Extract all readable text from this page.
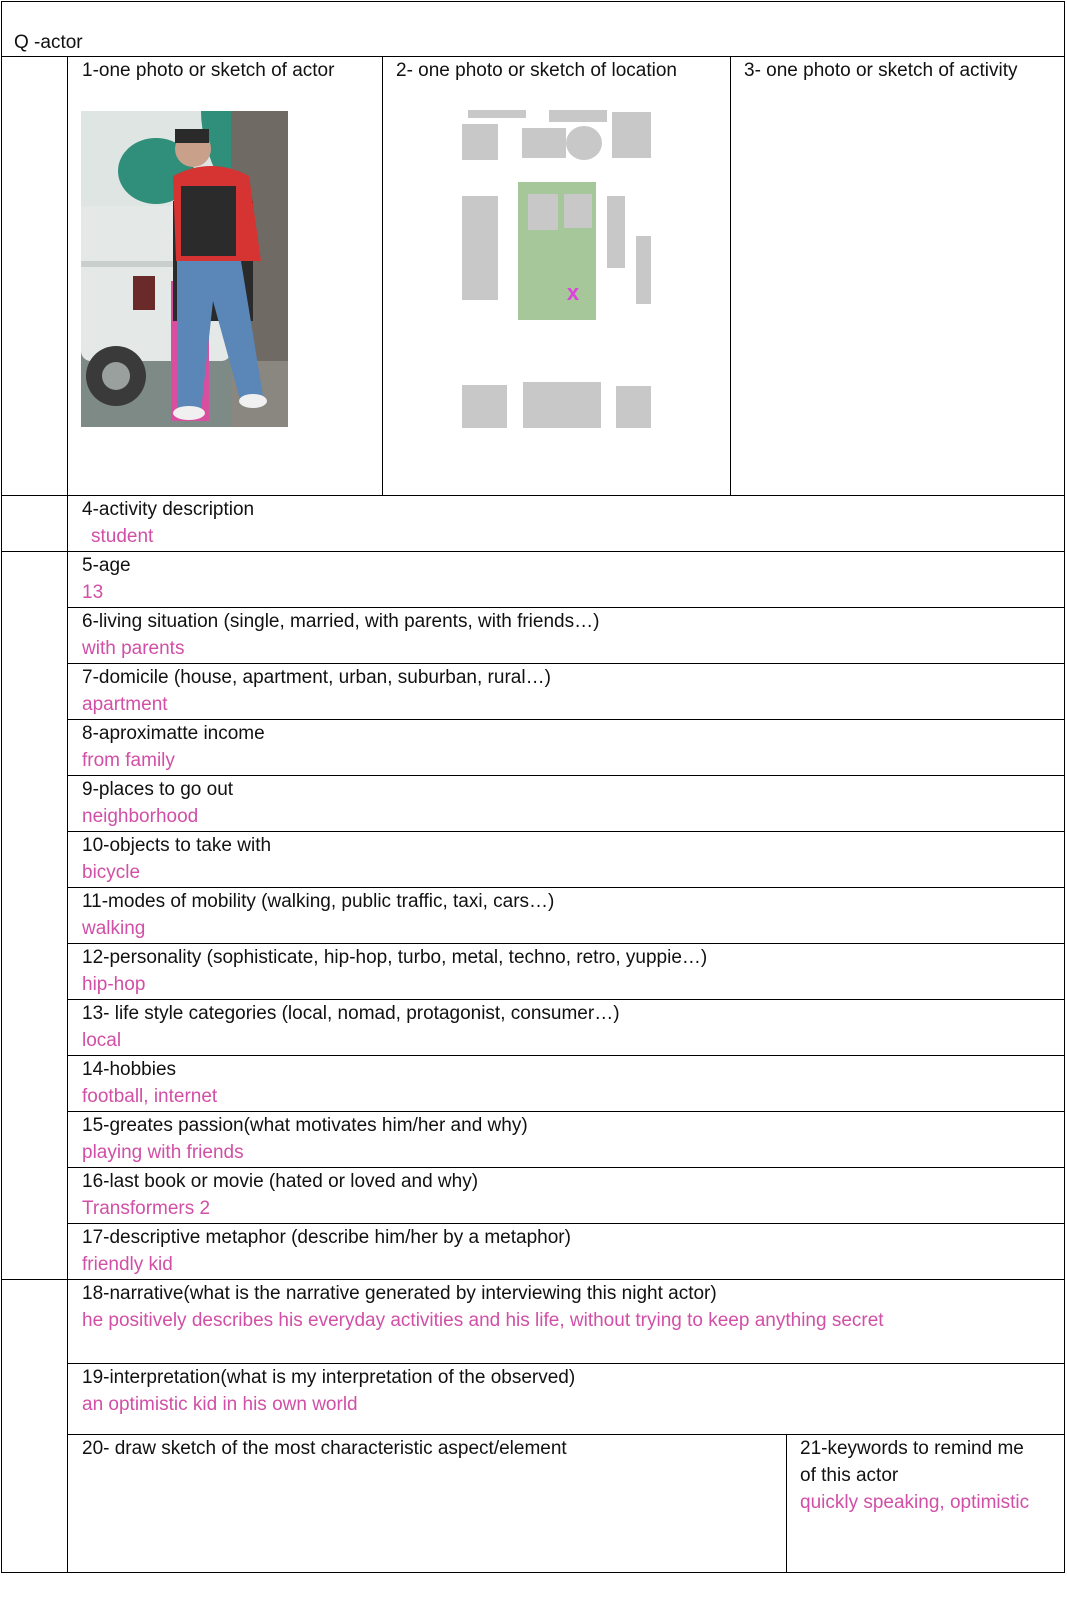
Q -actor
1-one photo or sketch of actor	2- one photo or sketch of location	3- one photo or sketch of activity
x
4-activity description
student
5-age
13
6-living situation (single, married, with parents, with friends…)
with parents
7-domicile (house, apartment, urban, suburban, rural…)
apartment
8-aproximatte income
from family
9-places to go out
neighborhood
10-objects to take with
bicycle
11-modes of mobility (walking, public traffic, taxi, cars…)
walking
12-personality (sophisticate, hip-hop, turbo, metal, techno, retro, yuppie…)
hip-hop
13- life style categories (local, nomad, protagonist, consumer…)
local
14-hobbies
football, internet
15-greates passion(what motivates him/her and why)
playing with friends
16-last book or movie (hated or loved and why)
Transformers 2
17-descriptive metaphor (describe him/her by a metaphor)
friendly kid
18-narrative(what is the narrative generated by interviewing this night actor)
he positively describes his everyday activities and his life, without trying to keep anything secret
19-interpretation(what is my interpretation of the observed)
an optimistic kid in his own world
20- draw sketch of the most characteristic aspect/element	21-keywords to remind me
of this actor
quickly speaking, optimistic
